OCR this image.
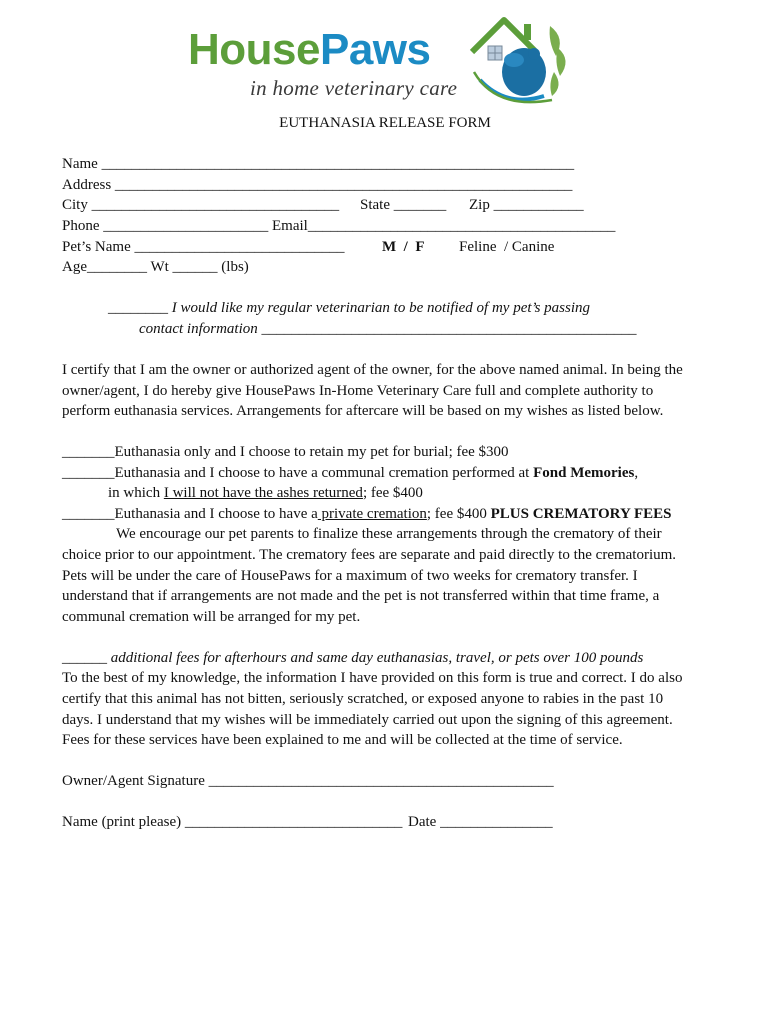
HousePaws
in home veterinary care
EUTHANASIA RELEASE FORM
Name _______________________________________________________________
Address _____________________________________________________________
City _________________________________ State _______ Zip ____________
Phone ______________________ Email_________________________________________
Pet’s Name ____________________________	M  /  F Feline  / Canine
Age________ Wt ______ (lbs)
________ I would like my regular veterinarian to be notified of my pet’s passing
contact information __________________________________________________
I certify that I am the owner or authorized agent of the owner, for the above named animal. In being the
owner/agent, I do hereby give HousePaws In-Home Veterinary Care full and complete authority to
perform euthanasia services. Arrangements for aftercare will be based on my wishes as listed below.
_______Euthanasia only and I choose to retain my pet for burial; fee $300
_______Euthanasia and I choose to have a communal cremation performed at Fond Memories,
in which I will not have the ashes returned; fee $400
_______Euthanasia and I choose to have a private cremation; fee $400 PLUS CREMATORY FEES
We encourage our pet parents to finalize these arrangements through the crematory of their
choice prior to our appointment. The crematory fees are separate and paid directly to the crematorium.
Pets will be under the care of HousePaws for a maximum of two weeks for crematory transfer. I
understand that if arrangements are not made and the pet is not transferred within that time frame, a
communal cremation will be arranged for my pet.
______ additional fees for afterhours and same day euthanasias, travel, or pets over 100 pounds
To the best of my knowledge, the information I have provided on this form is true and correct. I do also
certify that this animal has not bitten, seriously scratched, or exposed anyone to rabies in the past 10
days. I understand that my wishes will be immediately carried out upon the signing of this agreement.
Fees for these services have been explained to me and will be collected at the time of service.
Owner/Agent Signature ______________________________________________
Name (print please) _____________________________ Date _______________
